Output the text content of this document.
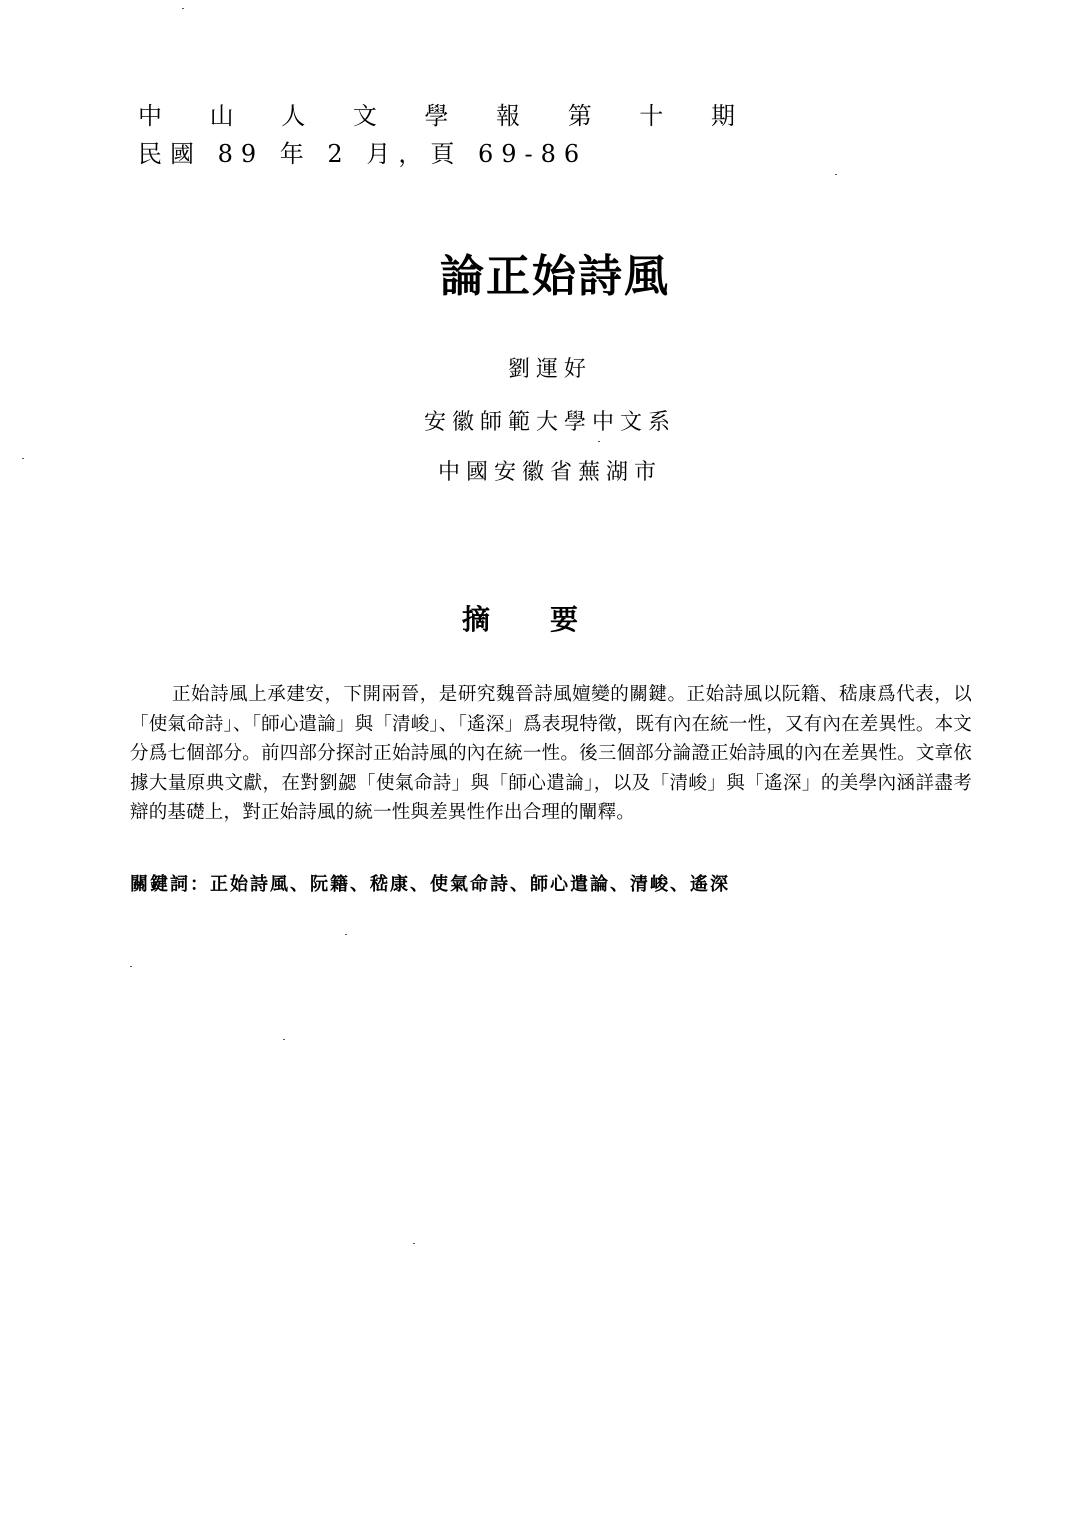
中 山 人 文 學 報 第 十 期
民國 89 年 2 月，頁 69-86
論正始詩風
劉運好
安徽師範大學中文系
中國安徽省蕪湖市
摘要
正始詩風上承建安，下開兩晉，是研究魏晉詩風嬗變的關鍵。正始詩風以阮籍、嵇康爲代表，以「使氣命詩」、「師心遣論」與「清峻」、「遙深」爲表現特徵，既有內在統一性，又有內在差異性。本文分爲七個部分。前四部分探討正始詩風的內在統一性。後三個部分論證正始詩風的內在差異性。文章依據大量原典文獻，在對劉勰「使氣命詩」與「師心遣論」，以及「清峻」與「遙深」的美學內涵詳盡考辯的基礎上，對正始詩風的統一性與差異性作出合理的闡釋。
關鍵詞：正始詩風、阮籍、嵇康、使氣命詩、師心遣論、清峻、遙深
